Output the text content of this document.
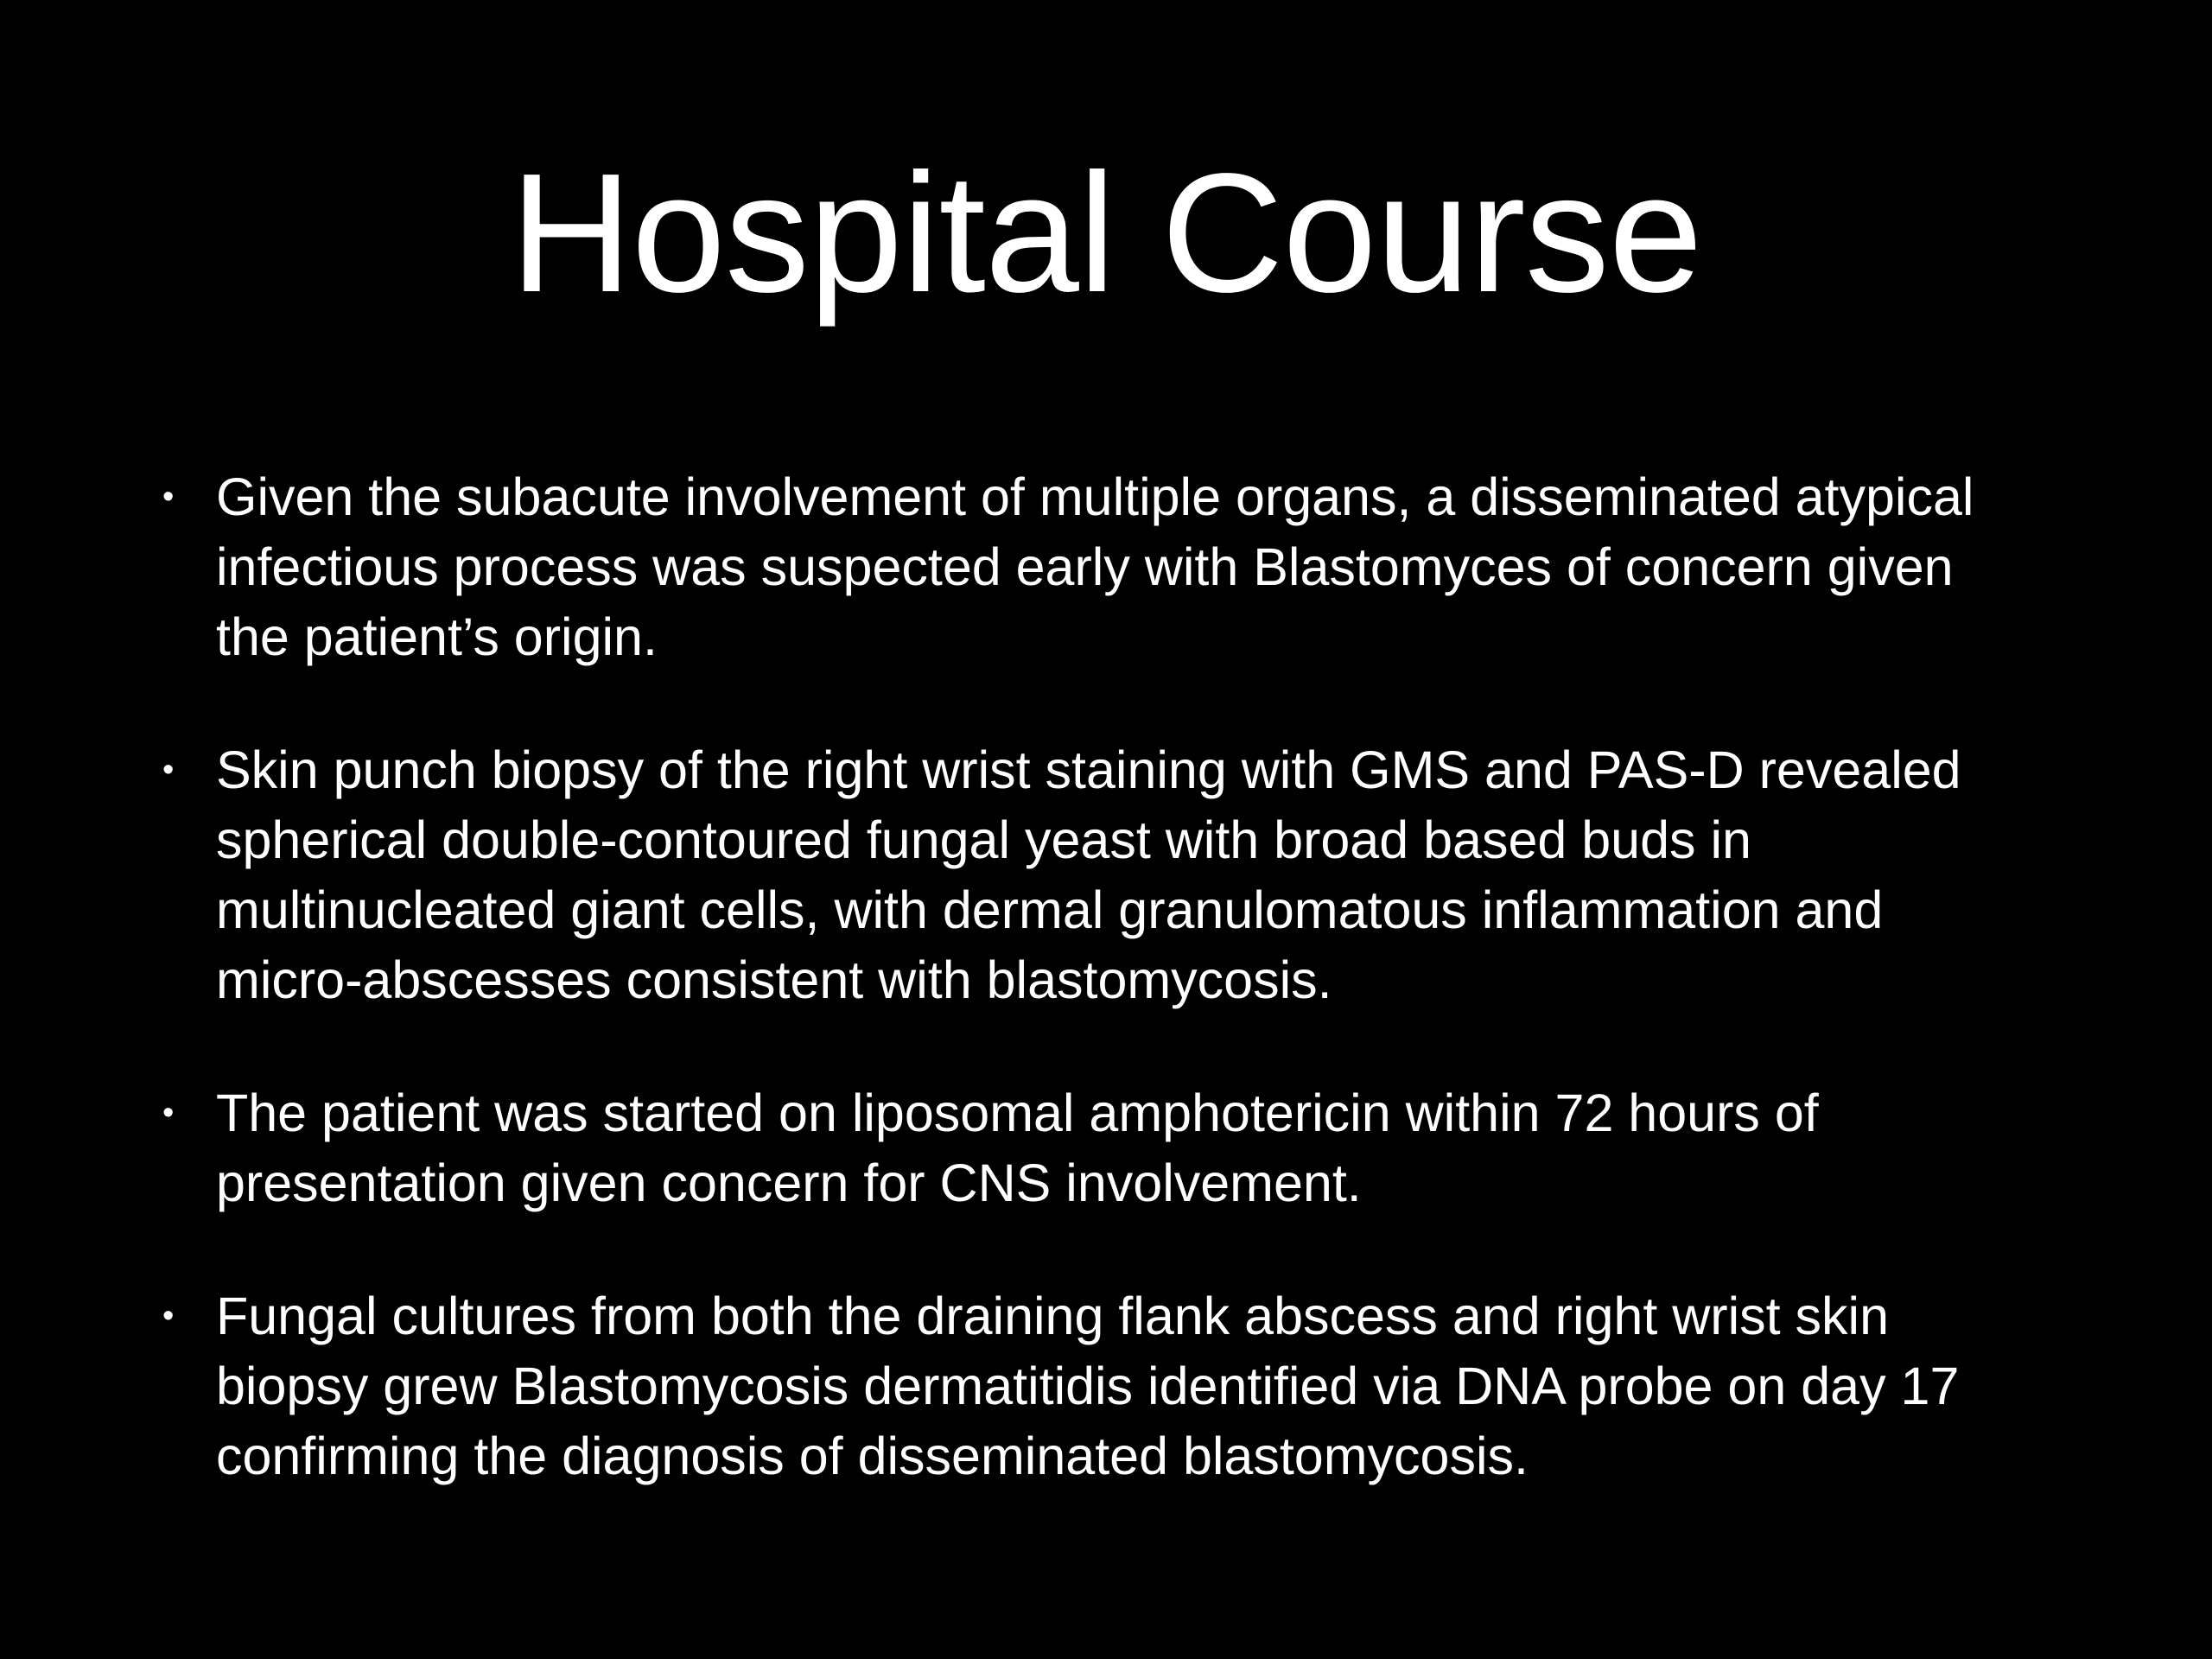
Hospital Course
• Given the subacute involvement of multiple organs, a disseminated atypical infectious process was suspected early with Blastomyces of concern given the patient’s origin.
• Skin punch biopsy of the right wrist staining with GMS and PAS-D revealed spherical double-contoured fungal yeast with broad based buds in multinucleated giant cells, with dermal granulomatous inflammation and micro-abscesses consistent with blastomycosis.
• The patient was started on liposomal amphotericin within 72 hours of presentation given concern for CNS involvement.
• Fungal cultures from both the draining flank abscess and right wrist skin biopsy grew Blastomycosis dermatitidis identified via DNA probe on day 17 confirming the diagnosis of disseminated blastomycosis.
